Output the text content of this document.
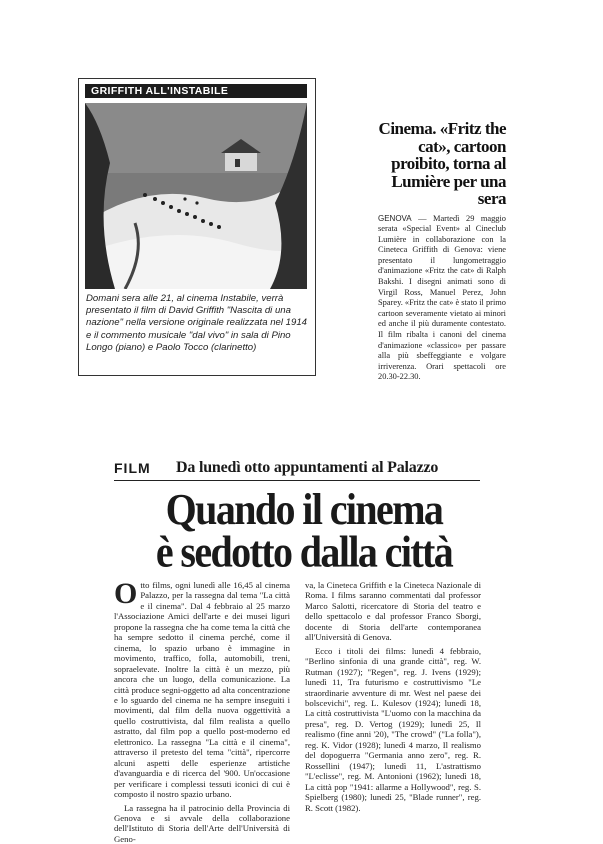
GRIFFITH ALL'INSTABILE

Domani sera alle 21, al cinema Instabile, verrà presentato il film di David Griffith "Nascita di una nazione" nella versione originale realizzata nel 1914 e il commento musicale "dal vivo" in sala di Pino Longo (piano) e Paolo Tocco (clarinetto)

Cinema. «Fritz the cat», cartoon proibito, torna al Lumière per una sera

GENOVA — Martedì 29 maggio serata «Special Event» al Cineclub Lumière in collaborazione con la Cineteca Griffith di Genova: viene presentato il lungometraggio d'animazione «Fritz the cat» di Ralph Bakshi. I disegni animati sono di Virgil Ross, Manuel Perez, John Sparey. «Fritz the cat» è stato il primo cartoon severamente vietato ai minori ed anche il più duramente contestato. Il film ribalta i canoni del cinema d'animazione «classico» per passare alla più sbeffeggiante e volgare irriverenza. Orari spettacoli ore 20.30-22.30.

FILM Da lunedì otto appuntamenti al Palazzo
Quando il cinema
è sedotto dalla città

Otto films, ogni lunedì alle 16,45 al cinema Palazzo, per la rassegna dal tema "La città e il cinema". Dal 4 febbraio al 25 marzo l'Associazione Amici dell'arte e dei musei liguri propone la rassegna che ha come tema la città che ha sempre sedotto il cinema perché, come il cinema, lo spazio urbano è immagine in movimento, traffico, folla, automobili, treni, sopraelevate. Inoltre la città è un mezzo, più ancora che un luogo, della comunicazione. La città produce segni-oggetto ad alta concentrazione e lo sguardo del cinema ne ha sempre inseguiti i movimenti, dal film della nuova oggettività a quello costruttivista, dal film realista a quello astratto, dal film pop a quello post-moderno ed elettronico. La rassegna "La città e il cinema", attraverso il pretesto del tema "città", ripercorre alcuni aspetti delle esperienze artistiche d'avanguardia e di ricerca del '900. Un'occasione per verificare i complessi tessuti iconici di cui è composto il nostro spazio urbano.

La rassegna ha il patrocinio della Provincia di Genova e si avvale della collaborazione dell'Istituto di Storia dell'Arte dell'Università di Geno-

va, la Cineteca Griffith e la Cineteca Nazionale di Roma. I films saranno commentati dal professor Marco Salotti, ricercatore di Storia del teatro e dello spettacolo e dal professor Franco Sborgi, docente di Storia dell'arte contemporanea all'Università di Genova.

Ecco i titoli dei films: lunedì 4 febbraio, "Berlino sinfonia di una grande città", reg. W. Rutman (1927); "Regen", reg. J. Ivens (1929); lunedì 11, Tra futurismo e costruttivismo "Le straordinarie avventure di mr. West nel paese dei bolscevichi", reg. L. Kulesov (1924); lunedì 18, La città costruttivista "L'uomo con la macchina da presa", reg. D. Vertog (1929); lunedì 25, Il realismo (fine anni '20), "The crowd" ("La folla"), reg. K. Vidor (1928); lunedì 4 marzo, Il realismo del dopoguerra "Germania anno zero", reg. R. Rossellini (1947); lunedì 11, L'astrattismo "L'eclisse", reg. M. Antonioni (1962); lunedì 18, La città pop "1941: allarme a Hollywood", reg. S. Spielberg (1980); lunedì 25, "Blade runner", reg. R. Scott (1982).
